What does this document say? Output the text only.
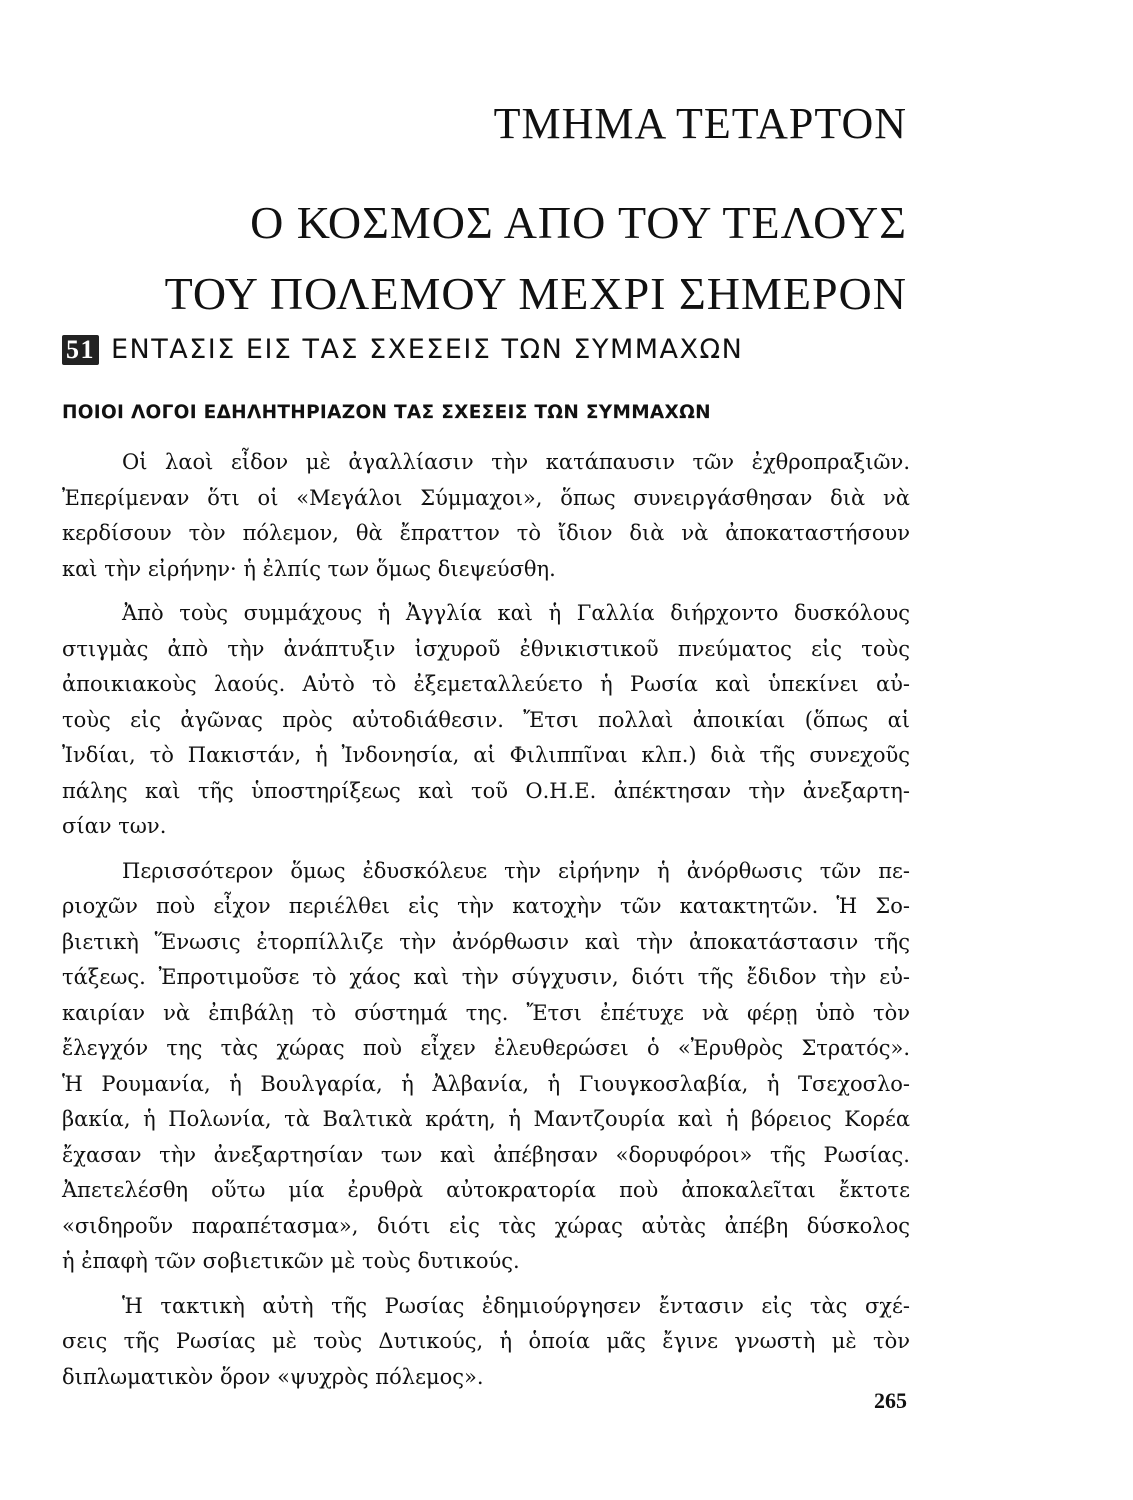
ΤΜΗΜΑ ΤΕΤΑΡΤΟΝ
Ο ΚΟΣΜΟΣ ΑΠΟ ΤΟΥ ΤΕΛΟΥΣ
ΤΟΥ ΠΟΛΕΜΟΥ ΜΕΧΡΙ ΣΗΜΕΡΟΝ
51 ΕΝΤΑΣΙΣ ΕΙΣ ΤΑΣ ΣΧΕΣΕΙΣ ΤΩΝ ΣΥΜΜΑΧΩΝ
ΠΟΙΟΙ ΛΟΓΟΙ ΕΔΗΛΗΤΗΡΙΑΖΟΝ ΤΑΣ ΣΧΕΣΕΙΣ ΤΩΝ ΣΥΜΜΑΧΩΝ
Οἱ λαοὶ εἶδον μὲ ἀγαλλίασιν τὴν κατάπαυσιν τῶν ἐχθροπραξιῶν.
Ἐπερίμεναν ὅτι οἱ «Μεγάλοι Σύμμαχοι», ὅπως συνειργάσθησαν διὰ νὰ
κερδίσουν τὸν πόλεμον, θὰ ἔπραττον τὸ ἴδιον διὰ νὰ ἀποκαταστήσουν
καὶ τὴν εἰρήνην· ἡ ἐλπίς των ὅμως διεψεύσθη.
Ἀπὸ τοὺς συμμάχους ἡ Ἀγγλία καὶ ἡ Γαλλία διήρχοντο δυσκόλους
στιγμὰς ἀπὸ τὴν ἀνάπτυξιν ἰσχυροῦ ἐθνικιστικοῦ πνεύματος εἰς τοὺς
ἀποικιακοὺς λαούς. Αὐτὸ τὸ ἐξεμεταλλεύετο ἡ Ρωσία καὶ ὑπεκίνει αὐ-
τοὺς εἰς ἀγῶνας πρὸς αὐτοδιάθεσιν. Ἔτσι πολλαὶ ἀποικίαι (ὅπως αἱ
Ἰνδίαι, τὸ Πακιστάν, ἡ Ἰνδονησία, αἱ Φιλιππῖναι κλπ.) διὰ τῆς συνεχοῦς
πάλης καὶ τῆς ὑποστηρίξεως καὶ τοῦ Ο.Η.Ε. ἀπέκτησαν τὴν ἀνεξαρτη-
σίαν των.
Περισσότερον ὅμως ἐδυσκόλευε τὴν εἰρήνην ἡ ἀνόρθωσις τῶν πε-
ριοχῶν ποὺ εἶχον περιέλθει εἰς τὴν κατοχὴν τῶν κατακτητῶν. Ἡ Σο-
βιετικὴ Ἕνωσις ἐτορπίλλιζε τὴν ἀνόρθωσιν καὶ τὴν ἀποκατάστασιν τῆς
τάξεως. Ἐπροτιμοῦσε τὸ χάος καὶ τὴν σύγχυσιν, διότι τῆς ἔδιδον τὴν εὐ-
καιρίαν νὰ ἐπιβάλῃ τὸ σύστημά της. Ἔτσι ἐπέτυχε νὰ φέρῃ ὑπὸ τὸν
ἔλεγχόν της τὰς χώρας ποὺ εἶχεν ἐλευθερώσει ὁ «Ἐρυθρὸς Στρατός».
Ἡ Ρουμανία, ἡ Βουλγαρία, ἡ Ἀλβανία, ἡ Γιουγκοσλαβία, ἡ Τσεχοσλο-
βακία, ἡ Πολωνία, τὰ Βαλτικὰ κράτη, ἡ Μαντζουρία καὶ ἡ βόρειος Κορέα
ἔχασαν τὴν ἀνεξαρτησίαν των καὶ ἀπέβησαν «δορυφόροι» τῆς Ρωσίας.
Ἀπετελέσθη οὕτω μία ἐρυθρὰ αὐτοκρατορία ποὺ ἀποκαλεῖται ἔκτοτε
«σιδηροῦν παραπέτασμα», διότι εἰς τὰς χώρας αὐτὰς ἀπέβη δύσκολος
ἡ ἐπαφὴ τῶν σοβιετικῶν μὲ τοὺς δυτικούς.
Ἡ τακτικὴ αὐτὴ τῆς Ρωσίας ἐδημιούργησεν ἔντασιν εἰς τὰς σχέ-
σεις τῆς Ρωσίας μὲ τοὺς Δυτικούς, ἡ ὁποία μᾶς ἔγινε γνωστὴ μὲ τὸν
διπλωματικὸν ὅρον «ψυχρὸς πόλεμος».
265
